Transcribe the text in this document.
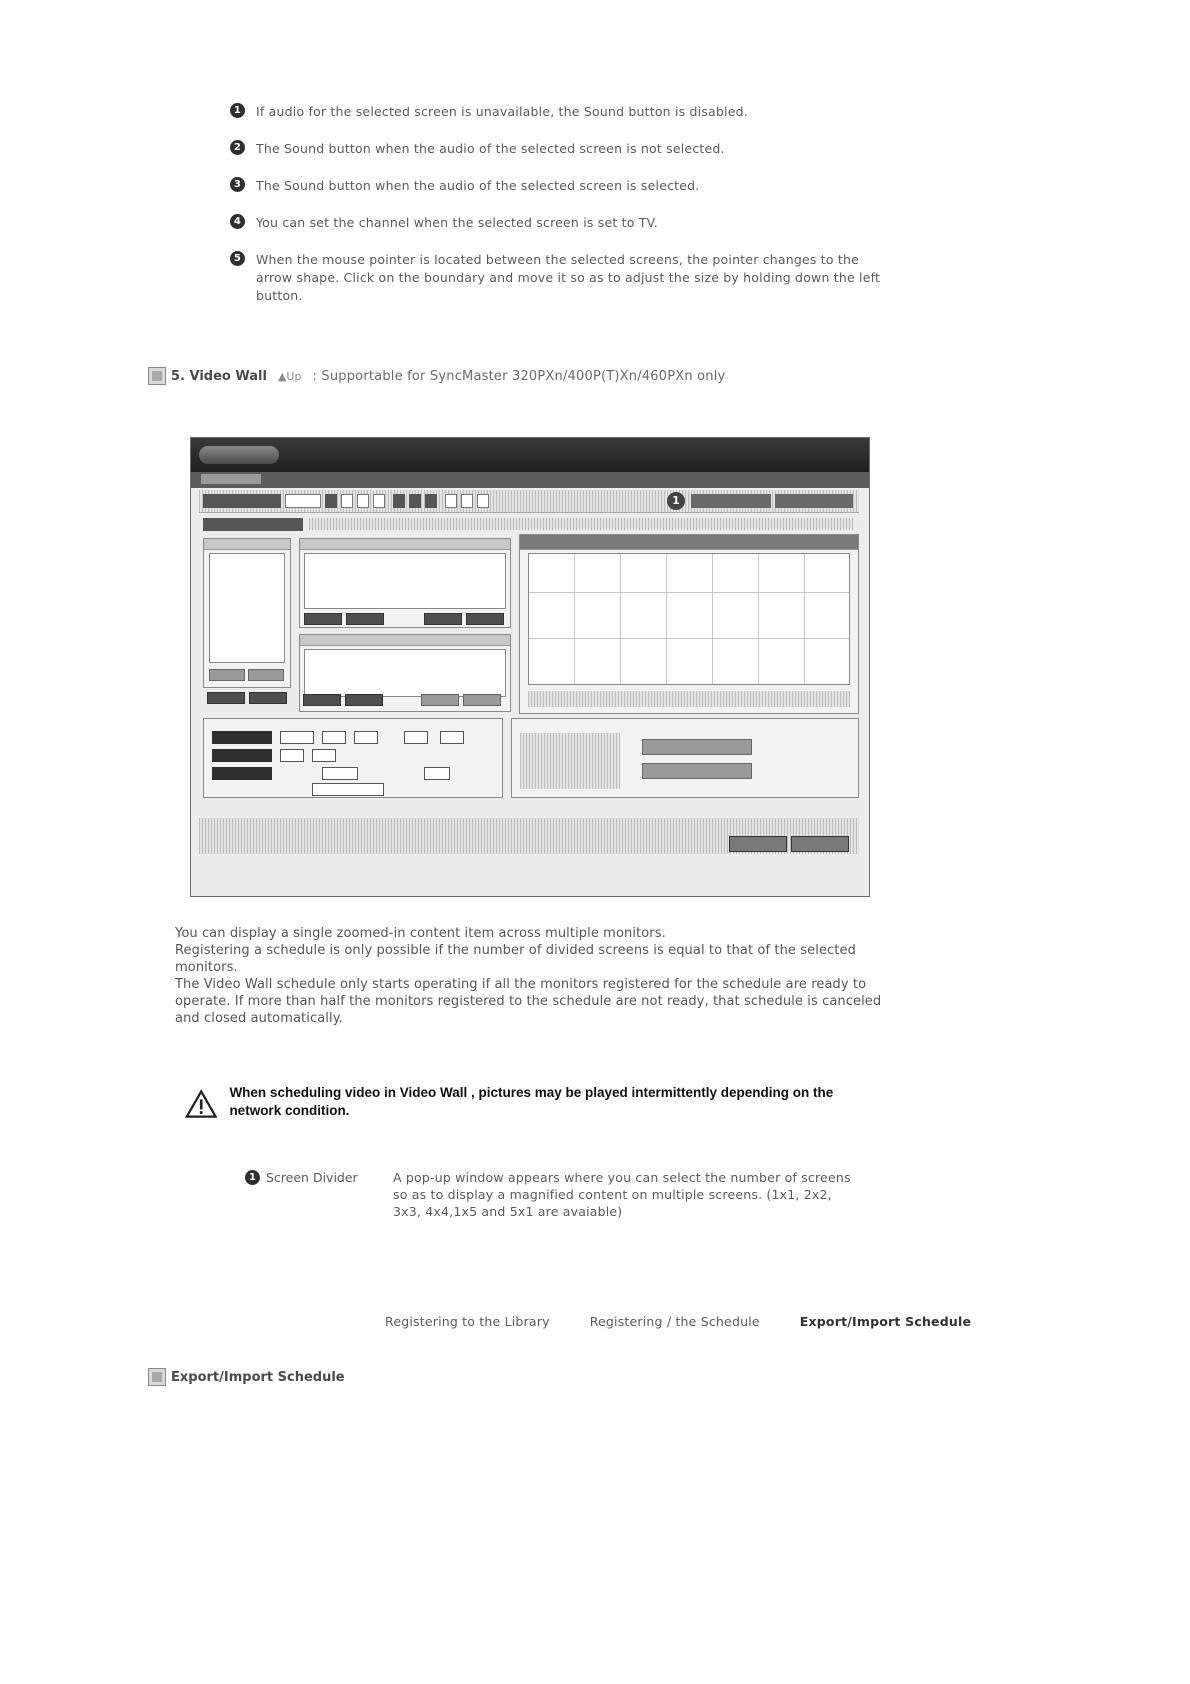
1	If audio for the selected screen is unavailable, the Sound button is disabled.
2	The Sound button when the audio of the selected screen is not selected.
3	The Sound button when the audio of the selected screen is selected.
4	You can set the channel when the selected screen is set to TV.
5	When the mouse pointer is located between the selected screens, the pointer changes to the arrow shape. Click on the boundary and move it so as to adjust the size by holding down the left button.
5. Video Wall ▲Up : Supportable for SyncMaster 320PXn/400P(T)Xn/460PXn only
1

You can display a single zoomed-in content item across multiple monitors.

Registering a schedule is only possible if the number of divided screens is equal to that of the selected monitors.

The Video Wall schedule only starts operating if all the monitors registered for the schedule are ready to operate. If more than half the monitors registered to the schedule are not ready, that schedule is canceled and closed automatically.

When scheduling video in Video Wall , pictures may be played intermittently depending on the network condition.
1 Screen Divider	A pop-up window appears where you can select the number of screens so as to display a magnified content on multiple screens. (1x1, 2x2, 3x3, 4x4,1x5 and 5x1 are avaiable)
Registering to the Library	Registering / the Schedule	Export/Import Schedule
Export/Import Schedule
